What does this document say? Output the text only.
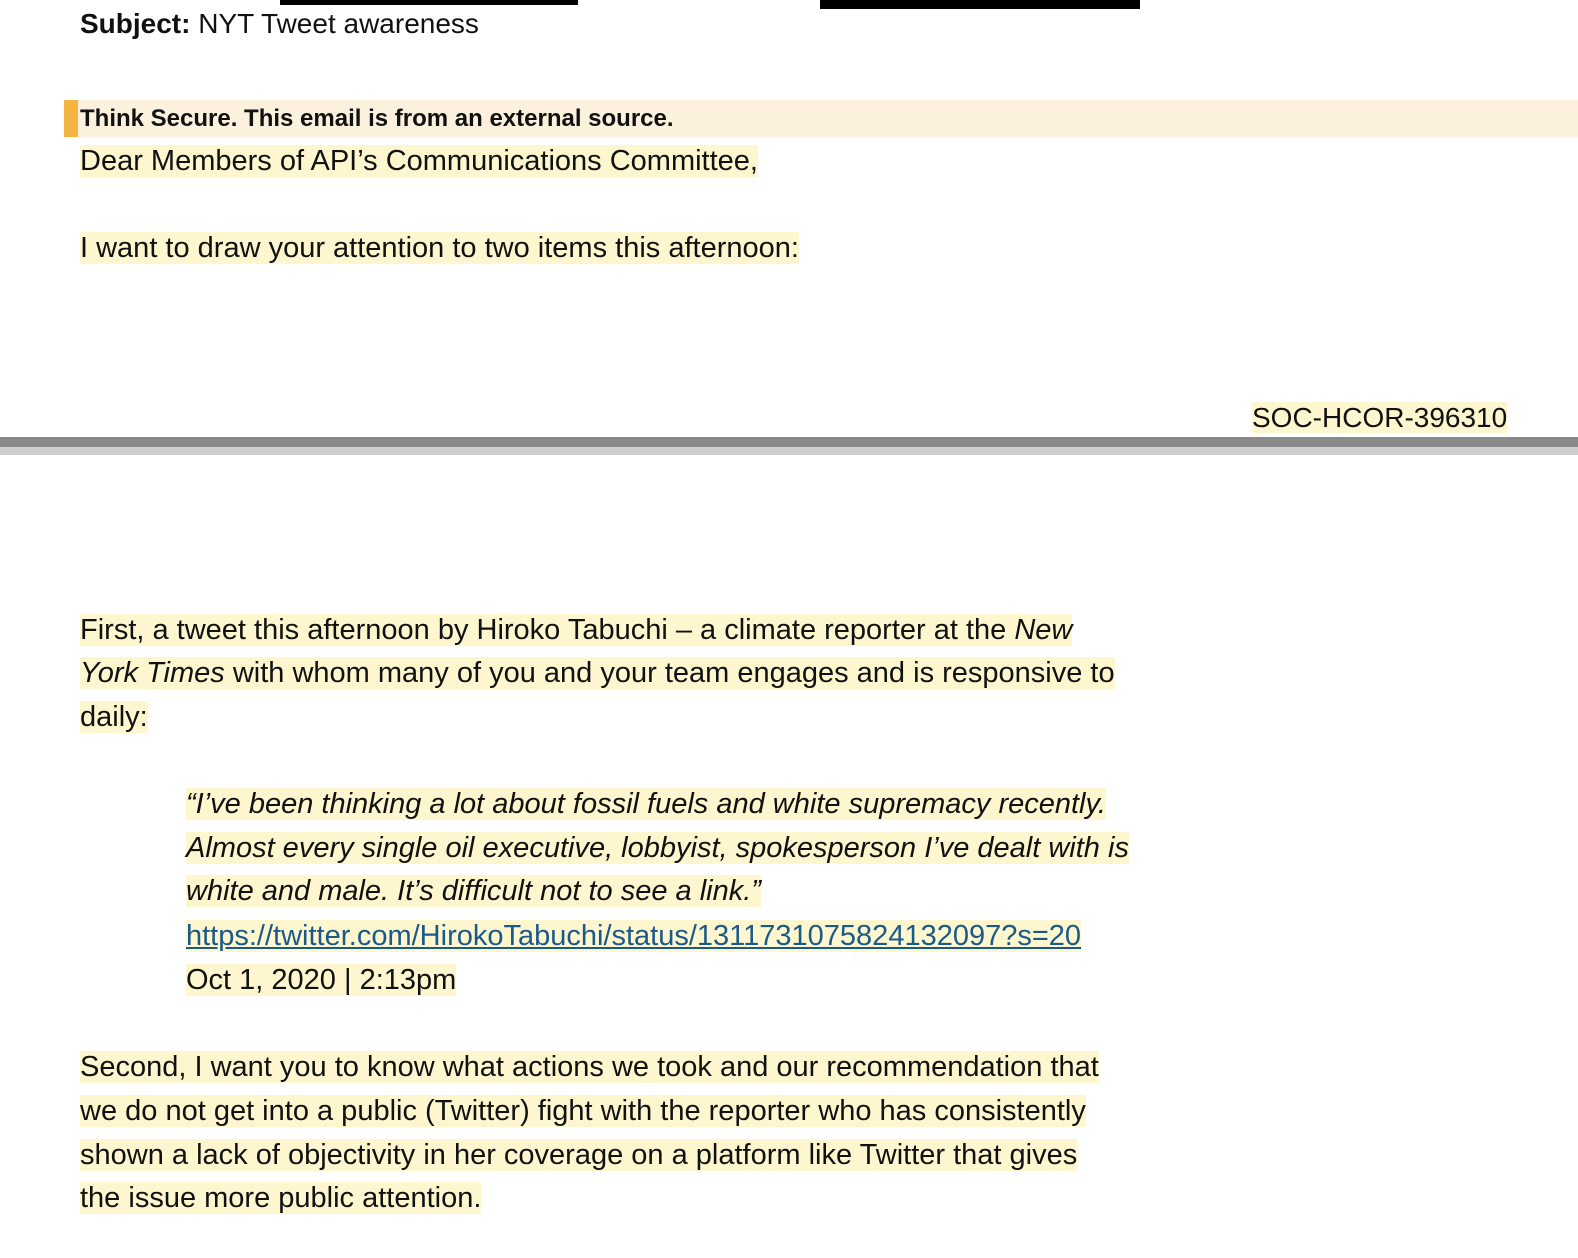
Subject: NYT Tweet awareness
Think Secure. This email is from an external source.
Dear Members of API’s Communications Committee,
I want to draw your attention to two items this afternoon:
SOC-HCOR-396310
First, a tweet this afternoon by Hiroko Tabuchi – a climate reporter at the New
York Times with whom many of you and your team engages and is responsive to
daily:
“I’ve been thinking a lot about fossil fuels and white supremacy recently.
Almost every single oil executive, lobbyist, spokesperson I’ve dealt with is
white and male. It’s difficult not to see a link.”
https://twitter.com/HirokoTabuchi/status/1311731075824132097?s=20
Oct 1, 2020 | 2:13pm
Second, I want you to know what actions we took and our recommendation that
we do not get into a public (Twitter) fight with the reporter who has consistently
shown a lack of objectivity in her coverage on a platform like Twitter that gives
the issue more public attention.
